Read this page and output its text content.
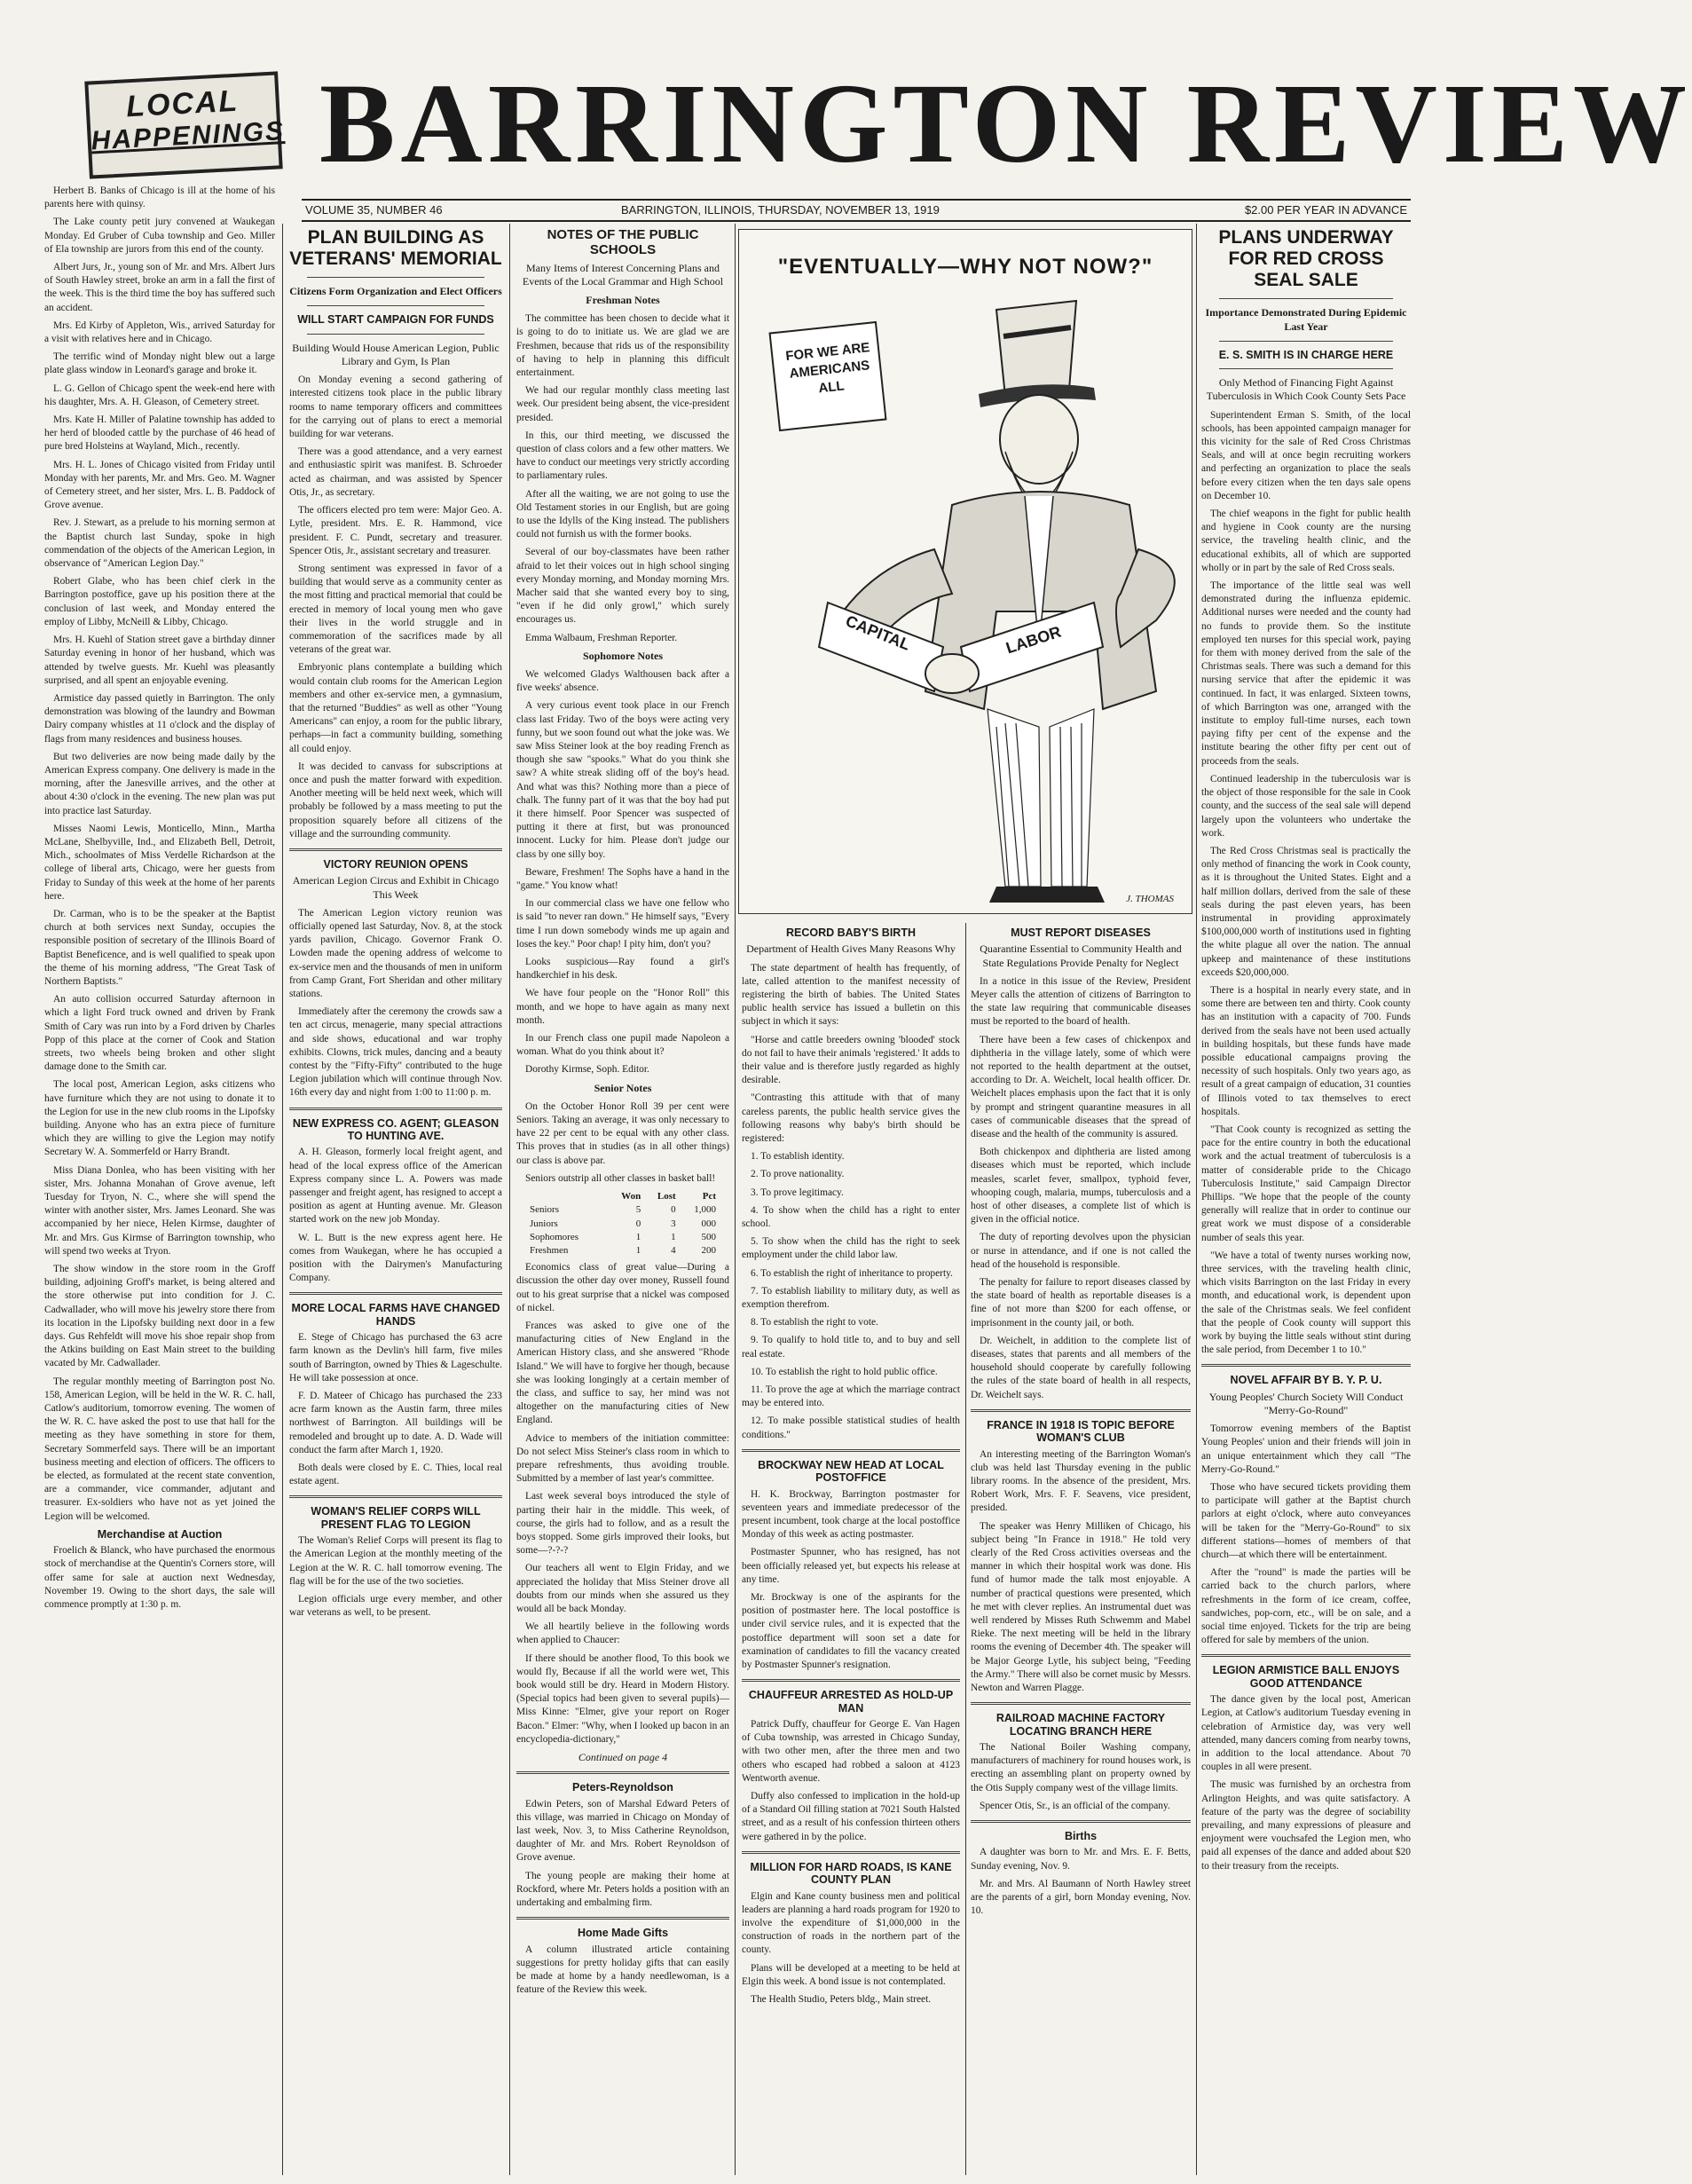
LOCAL
HAPPENINGS BARRINGTON REVIEW
VOLUME 35, NUMBER 46	BARRINGTON, ILLINOIS, THURSDAY, NOVEMBER 13, 1919	$2.00 PER YEAR IN ADVANCE

Herbert B. Banks of Chicago is ill at the home of his parents here with quinsy.

The Lake county petit jury convened at Waukegan Monday. Ed Gruber of Cuba township and Geo. Miller of Ela township are jurors from this end of the county.

Albert Jurs, Jr., young son of Mr. and Mrs. Albert Jurs of South Hawley street, broke an arm in a fall the first of the week. This is the third time the boy has suffered such an accident.

Mrs. Ed Kirby of Appleton, Wis., arrived Saturday for a visit with relatives here and in Chicago.

The terrific wind of Monday night blew out a large plate glass window in Leonard's garage and broke it.

L. G. Gellon of Chicago spent the week-end here with his daughter, Mrs. A. H. Gleason, of Cemetery street.

Mrs. Kate H. Miller of Palatine township has added to her herd of blooded cattle by the purchase of 46 head of pure bred Holsteins at Wayland, Mich., recently.

Mrs. H. L. Jones of Chicago visited from Friday until Monday with her parents, Mr. and Mrs. Geo. M. Wagner of Cemetery street, and her sister, Mrs. L. B. Paddock of Grove avenue.

Rev. J. Stewart, as a prelude to his morning sermon at the Baptist church last Sunday, spoke in high commendation of the objects of the American Legion, in observance of "American Legion Day."

Robert Glabe, who has been chief clerk in the Barrington postoffice, gave up his position there at the conclusion of last week, and Monday entered the employ of Libby, McNeill & Libby, Chicago.

Mrs. H. Kuehl of Station street gave a birthday dinner Saturday evening in honor of her husband, which was attended by twelve guests. Mr. Kuehl was pleasantly surprised, and all spent an enjoyable evening.

Armistice day passed quietly in Barrington. The only demonstration was blowing of the laundry and Bowman Dairy company whistles at 11 o'clock and the display of flags from many residences and business houses.

But two deliveries are now being made daily by the American Express company. One delivery is made in the morning, after the Janesville arrives, and the other at about 4:30 o'clock in the evening. The new plan was put into practice last Saturday.

Misses Naomi Lewis, Monticello, Minn., Martha McLane, Shelbyville, Ind., and Elizabeth Bell, Detroit, Mich., schoolmates of Miss Verdelle Richardson at the college of liberal arts, Chicago, were her guests from Friday to Sunday of this week at the home of her parents here.

Dr. Carman, who is to be the speaker at the Baptist church at both services next Sunday, occupies the responsible position of secretary of the Illinois Board of Baptist Beneficence, and is well qualified to speak upon the theme of his morning address, "The Great Task of Northern Baptists."

An auto collision occurred Saturday afternoon in which a light Ford truck owned and driven by Frank Smith of Cary was run into by a Ford driven by Charles Popp of this place at the corner of Cook and Station streets, two wheels being broken and other slight damage done to the Smith car.

The local post, American Legion, asks citizens who have furniture which they are not using to donate it to the Legion for use in the new club rooms in the Lipofsky building. Anyone who has an extra piece of furniture which they are willing to give the Legion may notify Secretary W. A. Sommerfeld or Harry Brandt.

Miss Diana Donlea, who has been visiting with her sister, Mrs. Johanna Monahan of Grove avenue, left Tuesday for Tryon, N. C., where she will spend the winter with another sister, Mrs. James Leonard. She was accompanied by her niece, Helen Kirmse, daughter of Mr. and Mrs. Gus Kirmse of Barrington township, who will spend two weeks at Tryon.

The show window in the store room in the Groff building, adjoining Groff's market, is being altered and the store otherwise put into condition for J. C. Cadwallader, who will move his jewelry store there from its location in the Lipofsky building next door in a few days. Gus Rehfeldt will move his shoe repair shop from the Atkins building on East Main street to the building vacated by Mr. Cadwallader.

The regular monthly meeting of Barrington post No. 158, American Legion, will be held in the W. R. C. hall, Catlow's auditorium, tomorrow evening. The women of the W. R. C. have asked the post to use that hall for the meeting as they have something in store for them, Secretary Sommerfeld says. There will be an important business meeting and election of officers. The officers to be elected, as formulated at the recent state convention, are a commander, vice commander, adjutant and treasurer. Ex-soldiers who have not as yet joined the Legion will be welcomed.

Merchandise at Auction

Froelich & Blanck, who have purchased the enormous stock of merchandise at the Quentin's Corners store, will offer same for sale at auction next Wednesday, November 19. Owing to the short days, the sale will commence promptly at 1:30 p. m.

PLAN BUILDING AS VETERANS' MEMORIAL
Citizens Form Organization and Elect Officers
WILL START CAMPAIGN FOR FUNDS
Building Would House American Legion, Public Library and Gym, Is Plan

On Monday evening a second gathering of interested citizens took place in the public library rooms to name temporary officers and committees for the carrying out of plans to erect a memorial building for war veterans.

There was a good attendance, and a very earnest and enthusiastic spirit was manifest. B. Schroeder acted as chairman, and was assisted by Spencer Otis, Jr., as secretary.

The officers elected pro tem were: Major Geo. A. Lytle, president. Mrs. E. R. Hammond, vice president. F. C. Pundt, secretary and treasurer. Spencer Otis, Jr., assistant secretary and treasurer.

Strong sentiment was expressed in favor of a building that would serve as a community center as the most fitting and practical memorial that could be erected in memory of local young men who gave their lives in the world struggle and in commemoration of the sacrifices made by all veterans of the great war.

Embryonic plans contemplate a building which would contain club rooms for the American Legion members and other ex-service men, a gymnasium, that the returned "Buddies" as well as other "Young Americans" can enjoy, a room for the public library, perhaps—in fact a community building, something all could enjoy.

It was decided to canvass for subscriptions at once and push the matter forward with expedition. Another meeting will be held next week, which will probably be followed by a mass meeting to put the proposition squarely before all citizens of the village and the surrounding community.

VICTORY REUNION OPENS
American Legion Circus and Exhibit in Chicago This Week

The American Legion victory reunion was officially opened last Saturday, Nov. 8, at the stock yards pavilion, Chicago. Governor Frank O. Lowden made the opening address of welcome to ex-service men and the thousands of men in uniform from Camp Grant, Fort Sheridan and other military stations.

Immediately after the ceremony the crowds saw a ten act circus, menagerie, many special attractions and side shows, educational and war trophy exhibits. Clowns, trick mules, dancing and a beauty contest by the "Fifty-Fifty" contributed to the huge Legion jubilation which will continue through Nov. 16th every day and night from 1:00 to 11:00 p. m.

NEW EXPRESS CO. AGENT; GLEASON TO HUNTING AVE.

A. H. Gleason, formerly local freight agent, and head of the local express office of the American Express company since L. A. Powers was made passenger and freight agent, has resigned to accept a position as agent at Hunting avenue. Mr. Gleason started work on the new job Monday.

W. L. Butt is the new express agent here. He comes from Waukegan, where he has occupied a position with the Dairymen's Manufacturing Company.

MORE LOCAL FARMS HAVE CHANGED HANDS

E. Stege of Chicago has purchased the 63 acre farm known as the Devlin's hill farm, five miles south of Barrington, owned by Thies & Lageschulte. He will take possession at once.

F. D. Mateer of Chicago has purchased the 233 acre farm known as the Austin farm, three miles northwest of Barrington. All buildings will be remodeled and brought up to date. A. D. Wade will conduct the farm after March 1, 1920.

Both deals were closed by E. C. Thies, local real estate agent.

WOMAN'S RELIEF CORPS WILL PRESENT FLAG TO LEGION

The Woman's Relief Corps will present its flag to the American Legion at the monthly meeting of the Legion at the W. R. C. hall tomorrow evening. The flag will be for the use of the two societies.

Legion officials urge every member, and other war veterans as well, to be present.

NOTES OF THE PUBLIC SCHOOLS
Many Items of Interest Concerning Plans and Events of the Local Grammar and High School
Freshman Notes

The committee has been chosen to decide what it is going to do to initiate us. We are glad we are Freshmen, because that rids us of the responsibility of having to help in planning this difficult entertainment.

We had our regular monthly class meeting last week. Our president being absent, the vice-president presided.

In this, our third meeting, we discussed the question of class colors and a few other matters. We have to conduct our meetings very strictly according to parliamentary rules.

After all the waiting, we are not going to use the Old Testament stories in our English, but are going to use the Idylls of the King instead. The publishers could not furnish us with the former books.

Several of our boy-classmates have been rather afraid to let their voices out in high school singing every Monday morning, and Monday morning Mrs. Macher said that she wanted every boy to sing, "even if he did only growl," which surely encourages us.

Emma Walbaum, Freshman Reporter.

Sophomore Notes

We welcomed Gladys Walthousen back after a five weeks' absence.

A very curious event took place in our French class last Friday. Two of the boys were acting very funny, but we soon found out what the joke was. We saw Miss Steiner look at the boy reading French as though she saw "spooks." What do you think she saw? A white streak sliding off of the boy's head. And what was this? Nothing more than a piece of chalk. The funny part of it was that the boy had put it there himself. Poor Spencer was suspected of putting it there at first, but was pronounced innocent. Lucky for him. Please don't judge our class by one silly boy.

Beware, Freshmen! The Sophs have a hand in the "game." You know what!

In our commercial class we have one fellow who is said "to never ran down." He himself says, "Every time I run down somebody winds me up again and loses the key." Poor chap! I pity him, don't you?

Looks suspicious—Ray found a girl's handkerchief in his desk.

We have four people on the "Honor Roll" this month, and we hope to have again as many next month.

In our French class one pupil made Napoleon a woman. What do you think about it?

Dorothy Kirmse, Soph. Editor.

Senior Notes

On the October Honor Roll 39 per cent were Seniors. Taking an average, it was only necessary to have 22 per cent to be equal with any other class. This proves that in studies (as in all other things) our class is above par.

Seniors outstrip all other classes in basket ball!

	Won	Lost	Pct
Seniors	5	0	1,000
Juniors	0	3	000
Sophomores	1	1	500
Freshmen	1	4	200

Economics class of great value—During a discussion the other day over money, Russell found out to his great surprise that a nickel was composed of nickel.

Frances was asked to give one of the manufacturing cities of New England in the American History class, and she answered "Rhode Island." We will have to forgive her though, because she was looking longingly at a certain member of the class, and suffice to say, her mind was not altogether on the manufacturing cities of New England.

Advice to members of the initiation committee: Do not select Miss Steiner's class room in which to prepare refreshments, thus avoiding trouble. Submitted by a member of last year's committee.

Last week several boys introduced the style of parting their hair in the middle. This week, of course, the girls had to follow, and as a result the boys stopped. Some girls improved their looks, but some—?-?-?

Our teachers all went to Elgin Friday, and we appreciated the holiday that Miss Steiner drove all doubts from our minds when she assured us they would all be back Monday.

We all heartily believe in the following words when applied to Chaucer:

If there should be another flood, To this book we would fly, Because if all the world were wet, This book would still be dry. Heard in Modern History. (Special topics had been given to several pupils)—Miss Kinne: "Elmer, give your report on Roger Bacon." Elmer: "Why, when I looked up bacon in an encyclopedia-dictionary,"

Continued on page 4
Peters-Reynoldson

Edwin Peters, son of Marshal Edward Peters of this village, was married in Chicago on Monday of last week, Nov. 3, to Miss Catherine Reynoldson, daughter of Mr. and Mrs. Robert Reynoldson of Grove avenue.

The young people are making their home at Rockford, where Mr. Peters holds a position with an undertaking and embalming firm.

Home Made Gifts

A column illustrated article containing suggestions for pretty holiday gifts that can easily be made at home by a handy needlewoman, is a feature of the Review this week.

"EVENTUALLY—WHY NOT NOW?"
FOR WE ARE AMERICANS ALL
CAPITAL	LABOR
J. THOMAS
RECORD BABY'S BIRTH
Department of Health Gives Many Reasons Why

The state department of health has frequently, of late, called attention to the manifest necessity of registering the birth of babies. The United States public health service has issued a bulletin on this subject in which it says:

"Horse and cattle breeders owning 'blooded' stock do not fail to have their animals 'registered.' It adds to their value and is therefore justly regarded as highly desirable.

"Contrasting this attitude with that of many careless parents, the public health service gives the following reasons why baby's birth should be registered:

1. To establish identity.

2. To prove nationality.

3. To prove legitimacy.

4. To show when the child has a right to enter school.

5. To show when the child has the right to seek employment under the child labor law.

6. To establish the right of inheritance to property.

7. To establish liability to military duty, as well as exemption therefrom.

8. To establish the right to vote.

9. To qualify to hold title to, and to buy and sell real estate.

10. To establish the right to hold public office.

11. To prove the age at which the marriage contract may be entered into.

12. To make possible statistical studies of health conditions."

BROCKWAY NEW HEAD AT LOCAL POSTOFFICE

H. K. Brockway, Barrington postmaster for seventeen years and immediate predecessor of the present incumbent, took charge at the local postoffice Monday of this week as acting postmaster.

Postmaster Spunner, who has resigned, has not been officially released yet, but expects his release at any time.

Mr. Brockway is one of the aspirants for the position of postmaster here. The local postoffice is under civil service rules, and it is expected that the postoffice department will soon set a date for examination of candidates to fill the vacancy created by Postmaster Spunner's resignation.

CHAUFFEUR ARRESTED AS HOLD-UP MAN

Patrick Duffy, chauffeur for George E. Van Hagen of Cuba township, was arrested in Chicago Sunday, with two other men, after the three men and two others who escaped had robbed a saloon at 4123 Wentworth avenue.

Duffy also confessed to implication in the hold-up of a Standard Oil filling station at 7021 South Halsted street, and as a result of his confession thirteen others were gathered in by the police.

MILLION FOR HARD ROADS, IS KANE COUNTY PLAN

Elgin and Kane county business men and political leaders are planning a hard roads program for 1920 to involve the expenditure of $1,000,000 in the construction of roads in the northern part of the county.

Plans will be developed at a meeting to be held at Elgin this week. A bond issue is not contemplated.

The Health Studio, Peters bldg., Main street.

MUST REPORT DISEASES
Quarantine Essential to Community Health and State Regulations Provide Penalty for Neglect

In a notice in this issue of the Review, President Meyer calls the attention of citizens of Barrington to the state law requiring that communicable diseases must be reported to the board of health.

There have been a few cases of chickenpox and diphtheria in the village lately, some of which were not reported to the health department at the outset, according to Dr. A. Weichelt, local health officer. Dr. Weichelt places emphasis upon the fact that it is only by prompt and stringent quarantine measures in all cases of communicable diseases that the spread of disease and the health of the community is assured.

Both chickenpox and diphtheria are listed among diseases which must be reported, which include measles, scarlet fever, smallpox, typhoid fever, whooping cough, malaria, mumps, tuberculosis and a host of other diseases, a complete list of which is given in the official notice.

The duty of reporting devolves upon the physician or nurse in attendance, and if one is not called the head of the household is responsible.

The penalty for failure to report diseases classed by the state board of health as reportable diseases is a fine of not more than $200 for each offense, or imprisonment in the county jail, or both.

Dr. Weichelt, in addition to the complete list of diseases, states that parents and all members of the household should cooperate by carefully following the rules of the state board of health in all respects, Dr. Weichelt says.

FRANCE IN 1918 IS TOPIC BEFORE WOMAN'S CLUB

An interesting meeting of the Barrington Woman's club was held last Thursday evening in the public library rooms. In the absence of the president, Mrs. Robert Work, Mrs. F. F. Seavens, vice president, presided.

The speaker was Henry Milliken of Chicago, his subject being "In France in 1918." He told very clearly of the Red Cross activities overseas and the manner in which their hospital work was done. His fund of humor made the talk most enjoyable. A number of practical questions were presented, which he met with clever replies. An instrumental duet was well rendered by Misses Ruth Schwemm and Mabel Rieke. The next meeting will be held in the library rooms the evening of December 4th. The speaker will be Major George Lytle, his subject being, "Feeding the Army." There will also be cornet music by Messrs. Newton and Warren Plagge.

RAILROAD MACHINE FACTORY LOCATING BRANCH HERE

The National Boiler Washing company, manufacturers of machinery for round houses work, is erecting an assembling plant on property owned by the Otis Supply company west of the village limits.

Spencer Otis, Sr., is an official of the company.

Births

A daughter was born to Mr. and Mrs. E. F. Betts, Sunday evening, Nov. 9.

Mr. and Mrs. Al Baumann of North Hawley street are the parents of a girl, born Monday evening, Nov. 10.

PLANS UNDERWAY FOR RED CROSS SEAL SALE
Importance Demonstrated During Epidemic Last Year
E. S. SMITH IS IN CHARGE HERE
Only Method of Financing Fight Against Tuberculosis in Which Cook County Sets Pace

Superintendent Erman S. Smith, of the local schools, has been appointed campaign manager for this vicinity for the sale of Red Cross Christmas Seals, and will at once begin recruiting workers and perfecting an organization to place the seals before every citizen when the ten days sale opens on December 10.

The chief weapons in the fight for public health and hygiene in Cook county are the nursing service, the traveling health clinic, and the educational exhibits, all of which are supported wholly or in part by the sale of Red Cross seals.

The importance of the little seal was well demonstrated during the influenza epidemic. Additional nurses were needed and the county had no funds to provide them. So the institute employed ten nurses for this special work, paying for them with money derived from the sale of the Christmas seals. There was such a demand for this nursing service that after the epidemic it was continued. In fact, it was enlarged. Sixteen towns, of which Barrington was one, arranged with the institute to employ full-time nurses, each town paying fifty per cent of the expense and the institute bearing the other fifty per cent out of proceeds from the seals.

Continued leadership in the tuberculosis war is the object of those responsible for the sale in Cook county, and the success of the seal sale will depend largely upon the volunteers who undertake the work.

The Red Cross Christmas seal is practically the only method of financing the work in Cook county, as it is throughout the United States. Eight and a half million dollars, derived from the sale of these seals during the past eleven years, has been instrumental in providing approximately $100,000,000 worth of institutions used in fighting the white plague all over the nation. The annual upkeep and maintenance of these institutions exceeds $20,000,000.

There is a hospital in nearly every state, and in some there are between ten and thirty. Cook county has an institution with a capacity of 700. Funds derived from the seals have not been used actually in building hospitals, but these funds have made possible educational campaigns proving the necessity of such hospitals. Only two years ago, as result of a great campaign of education, 31 counties of Illinois voted to tax themselves to erect hospitals.

"That Cook county is recognized as setting the pace for the entire country in both the educational work and the actual treatment of tuberculosis is a matter of considerable pride to the Chicago Tuberculosis Institute," said Campaign Director Phillips. "We hope that the people of the county generally will realize that in order to continue our great work we must dispose of a considerable number of seals this year.

"We have a total of twenty nurses working now, three services, with the traveling health clinic, which visits Barrington on the last Friday in every month, and educational work, is dependent upon the sale of the Christmas seals. We feel confident that the people of Cook county will support this work by buying the little seals without stint during the sale period, from December 1 to 10."

NOVEL AFFAIR BY B. Y. P. U.
Young Peoples' Church Society Will Conduct "Merry-Go-Round"

Tomorrow evening members of the Baptist Young Peoples' union and their friends will join in an unique entertainment which they call "The Merry-Go-Round."

Those who have secured tickets providing them to participate will gather at the Baptist church parlors at eight o'clock, where auto conveyances will be taken for the "Merry-Go-Round" to six different stations—homes of members of that church—at which there will be entertainment.

After the "round" is made the parties will be carried back to the church parlors, where refreshments in the form of ice cream, coffee, sandwiches, pop-corn, etc., will be on sale, and a social time enjoyed. Tickets for the trip are being offered for sale by members of the union.

LEGION ARMISTICE BALL ENJOYS GOOD ATTENDANCE

The dance given by the local post, American Legion, at Catlow's auditorium Tuesday evening in celebration of Armistice day, was very well attended, many dancers coming from nearby towns, in addition to the local attendance. About 70 couples in all were present.

The music was furnished by an orchestra from Arlington Heights, and was quite satisfactory. A feature of the party was the degree of sociability prevailing, and many expressions of pleasure and enjoyment were vouchsafed the Legion men, who paid all expenses of the dance and added about $20 to their treasury from the receipts.
